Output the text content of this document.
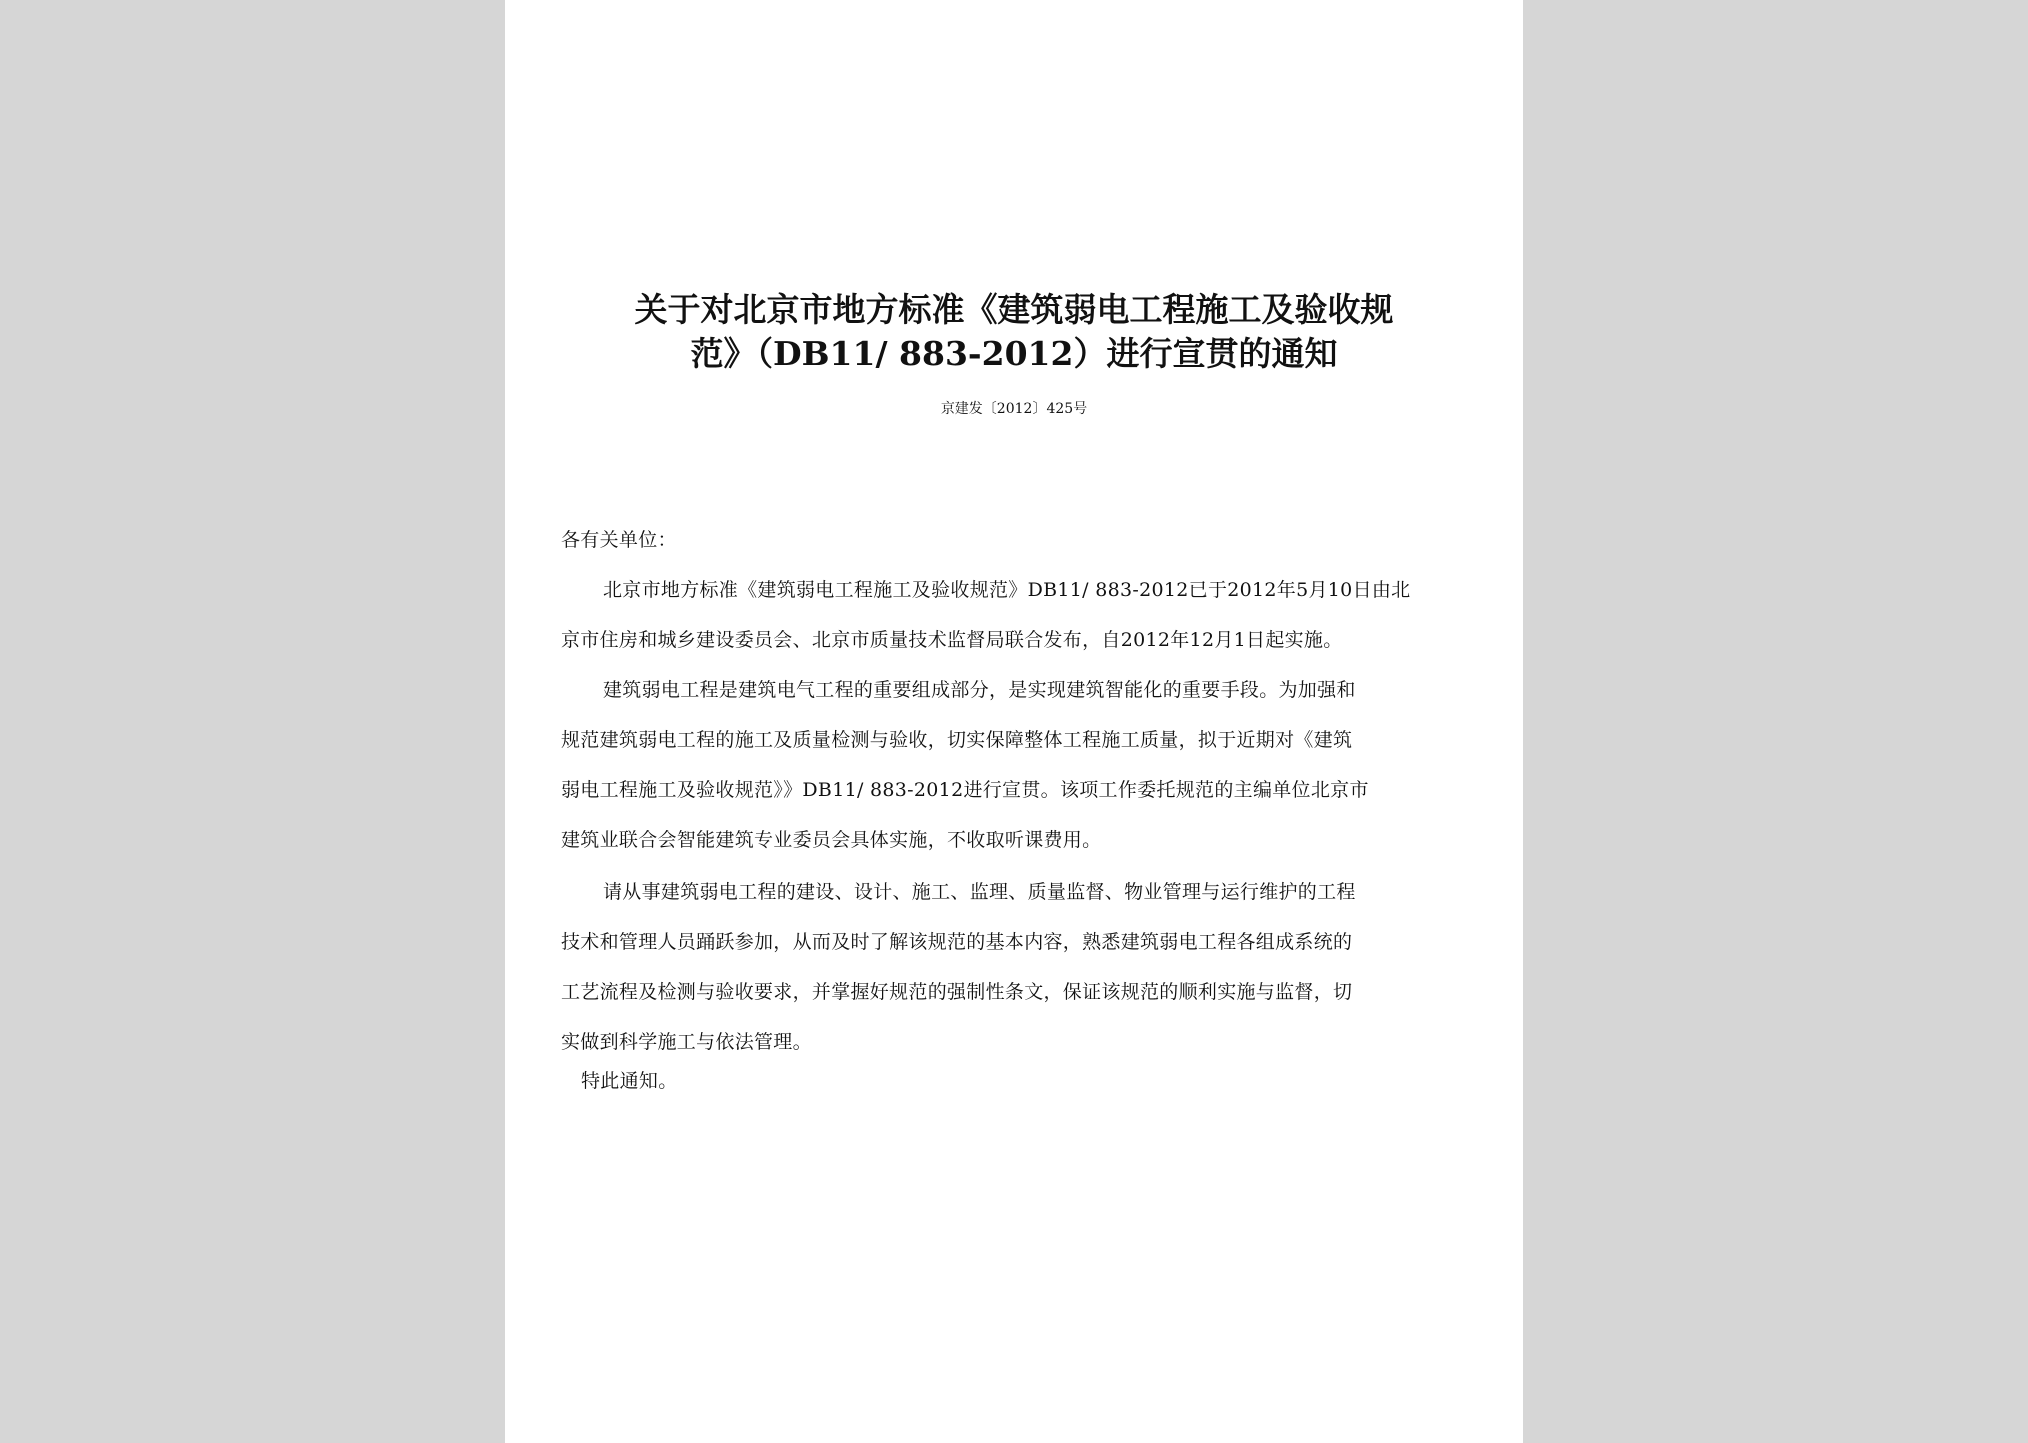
关于对北京市地方标准《建筑弱电工程施工及验收规
范》（DB11/ 883-2012）进行宣贯的通知
京建发〔2012〕425号
各有关单位：
北京市地方标准《建筑弱电工程施工及验收规范》DB11/ 883-2012已于2012年5月10日由北
京市住房和城乡建设委员会、北京市质量技术监督局联合发布，自2012年12月1日起实施。
建筑弱电工程是建筑电气工程的重要组成部分，是实现建筑智能化的重要手段。为加强和
规范建筑弱电工程的施工及质量检测与验收，切实保障整体工程施工质量，拟于近期对《建筑
弱电工程施工及验收规范》》DB11/ 883-2012进行宣贯。该项工作委托规范的主编单位北京市
建筑业联合会智能建筑专业委员会具体实施，不收取听课费用。
请从事建筑弱电工程的建设、设计、施工、监理、质量监督、物业管理与运行维护的工程
技术和管理人员踊跃参加，从而及时了解该规范的基本内容，熟悉建筑弱电工程各组成系统的
工艺流程及检测与验收要求，并掌握好规范的强制性条文，保证该规范的顺利实施与监督，切
实做到科学施工与依法管理。
特此通知。
